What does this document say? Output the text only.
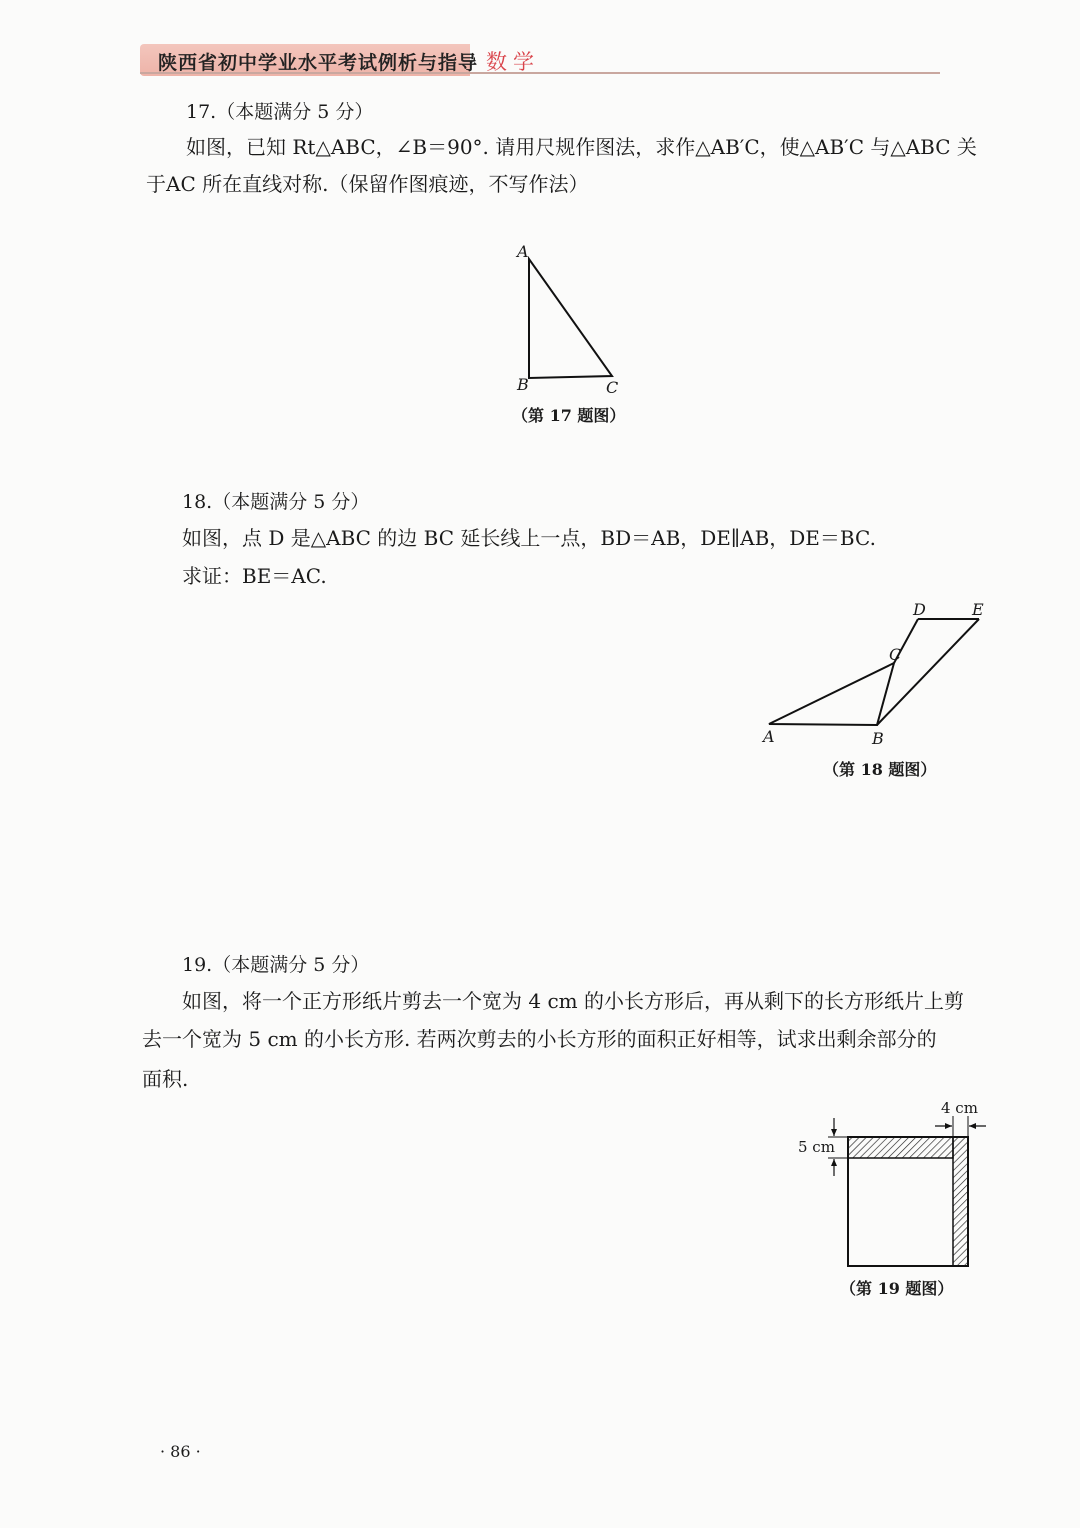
陕西省初中学业水平考试例析与指导 数学
17.（本题满分 5 分）
如图，已知 Rt△ABC，∠B＝90°. 请用尺规作图法，求作△AB′C，使△AB′C 与△ABC 关
于AC 所在直线对称.（保留作图痕迹，不写作法）
A
B	C
（第 17 题图）
18.（本题满分 5 分）
如图，点 D 是△ABC 的边 BC 延长线上一点，BD＝AB，DE∥AB，DE＝BC.
求证：BE＝AC.
A	B
C
D	E
（第 18 题图）
19.（本题满分 5 分）
如图，将一个正方形纸片剪去一个宽为 4 cm 的小长方形后，再从剩下的长方形纸片上剪
去一个宽为 5 cm 的小长方形. 若两次剪去的小长方形的面积正好相等，试求出剩余部分的
面积.
4 cm
5 cm
（第 19 题图）
· 86 ·
